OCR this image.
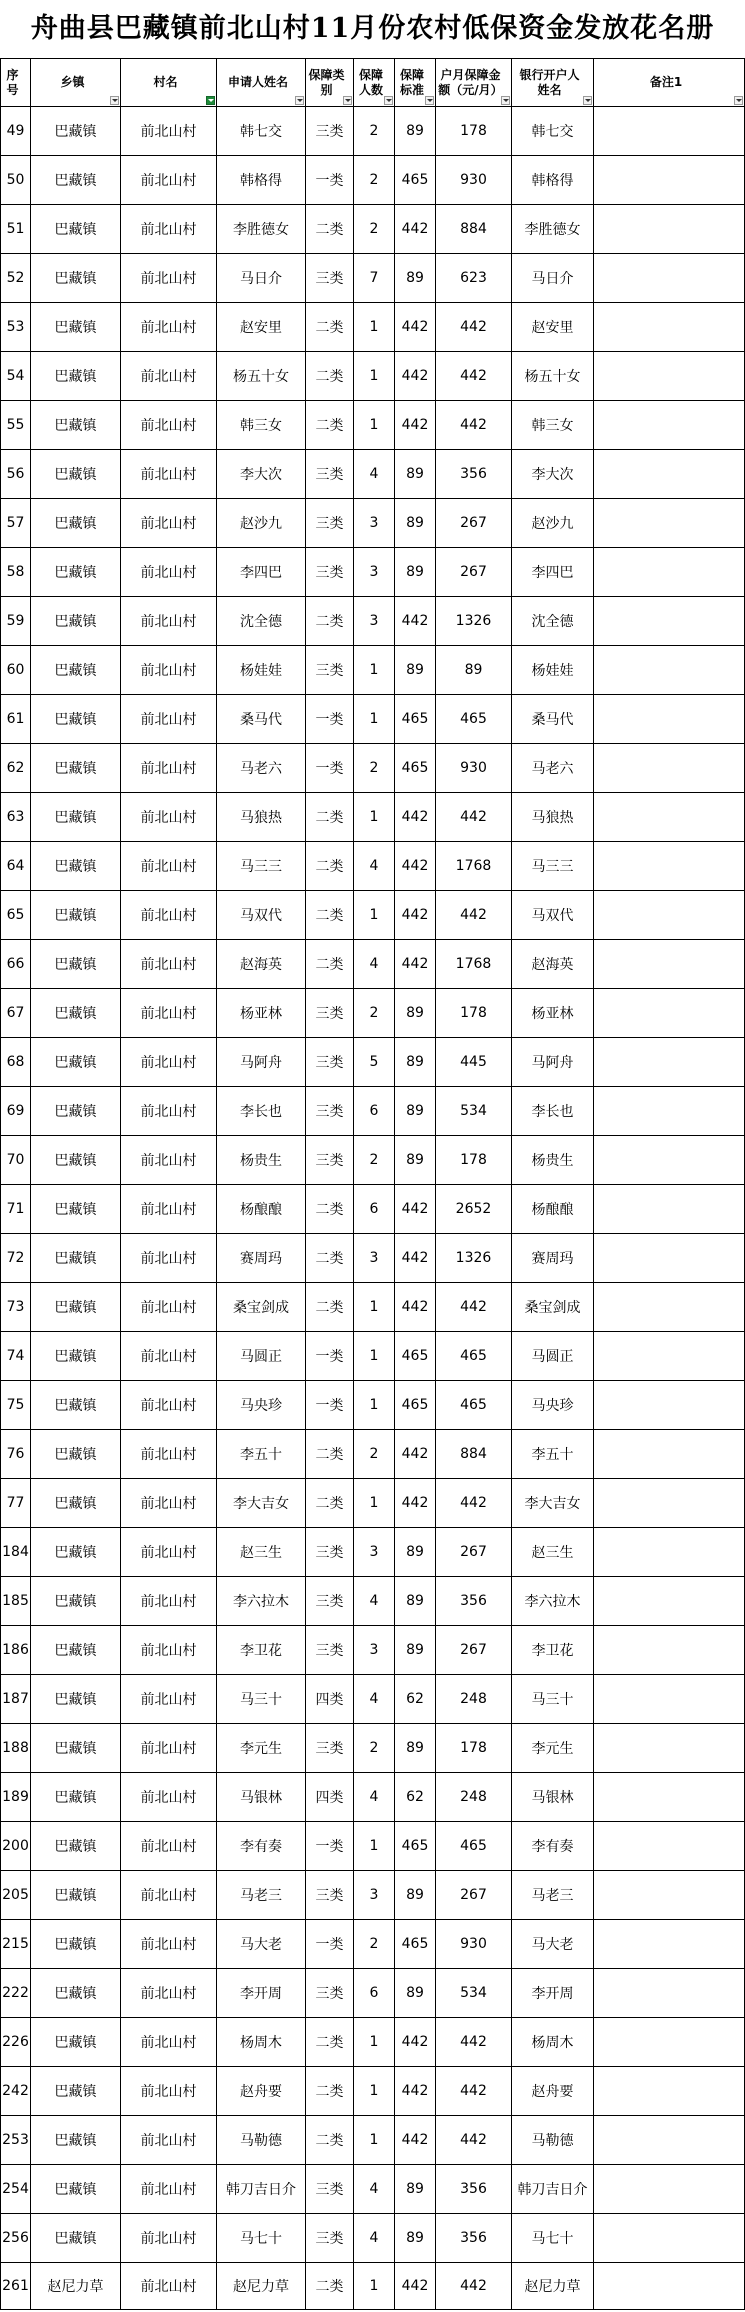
舟曲县巴藏镇前北山村11月份农村低保资金发放花名册
序号	乡镇	村名	申请人姓名	保障类别	保障人数	保障标准	户月保障金额（元/月）	银行开户人姓名	备注1

49	巴藏镇	前北山村	韩七交	三类	2	89	178	韩七交	
50	巴藏镇	前北山村	韩格得	一类	2	465	930	韩格得	
51	巴藏镇	前北山村	李胜德女	二类	2	442	884	李胜德女	
52	巴藏镇	前北山村	马日介	三类	7	89	623	马日介	
53	巴藏镇	前北山村	赵安里	二类	1	442	442	赵安里	
54	巴藏镇	前北山村	杨五十女	二类	1	442	442	杨五十女	
55	巴藏镇	前北山村	韩三女	二类	1	442	442	韩三女	
56	巴藏镇	前北山村	李大次	三类	4	89	356	李大次	
57	巴藏镇	前北山村	赵沙九	三类	3	89	267	赵沙九	
58	巴藏镇	前北山村	李四巴	三类	3	89	267	李四巴	
59	巴藏镇	前北山村	沈全德	二类	3	442	1326	沈全德	
60	巴藏镇	前北山村	杨娃娃	三类	1	89	89	杨娃娃	
61	巴藏镇	前北山村	桑马代	一类	1	465	465	桑马代	
62	巴藏镇	前北山村	马老六	一类	2	465	930	马老六	
63	巴藏镇	前北山村	马狼热	二类	1	442	442	马狼热	
64	巴藏镇	前北山村	马三三	二类	4	442	1768	马三三	
65	巴藏镇	前北山村	马双代	二类	1	442	442	马双代	
66	巴藏镇	前北山村	赵海英	二类	4	442	1768	赵海英	
67	巴藏镇	前北山村	杨亚林	三类	2	89	178	杨亚林	
68	巴藏镇	前北山村	马阿舟	三类	5	89	445	马阿舟	
69	巴藏镇	前北山村	李长也	三类	6	89	534	李长也	
70	巴藏镇	前北山村	杨贵生	三类	2	89	178	杨贵生	
71	巴藏镇	前北山村	杨酿酿	二类	6	442	2652	杨酿酿	
72	巴藏镇	前北山村	赛周玛	二类	3	442	1326	赛周玛	
73	巴藏镇	前北山村	桑宝剑成	二类	1	442	442	桑宝剑成	
74	巴藏镇	前北山村	马圆正	一类	1	465	465	马圆正	
75	巴藏镇	前北山村	马央珍	一类	1	465	465	马央珍	
76	巴藏镇	前北山村	李五十	二类	2	442	884	李五十	
77	巴藏镇	前北山村	李大吉女	二类	1	442	442	李大吉女	
184	巴藏镇	前北山村	赵三生	三类	3	89	267	赵三生	
185	巴藏镇	前北山村	李六拉木	三类	4	89	356	李六拉木	
186	巴藏镇	前北山村	李卫花	三类	3	89	267	李卫花	
187	巴藏镇	前北山村	马三十	四类	4	62	248	马三十	
188	巴藏镇	前北山村	李元生	三类	2	89	178	李元生	
189	巴藏镇	前北山村	马银林	四类	4	62	248	马银林	
200	巴藏镇	前北山村	李有奏	一类	1	465	465	李有奏	
205	巴藏镇	前北山村	马老三	三类	3	89	267	马老三	
215	巴藏镇	前北山村	马大老	一类	2	465	930	马大老	
222	巴藏镇	前北山村	李开周	三类	6	89	534	李开周	
226	巴藏镇	前北山村	杨周木	二类	1	442	442	杨周木	
242	巴藏镇	前北山村	赵舟要	二类	1	442	442	赵舟要	
253	巴藏镇	前北山村	马勒德	二类	1	442	442	马勒德	
254	巴藏镇	前北山村	韩刀吉日介	三类	4	89	356	韩刀吉日介	
256	巴藏镇	前北山村	马七十	三类	4	89	356	马七十	
261	赵尼力草	前北山村	赵尼力草	二类	1	442	442	赵尼力草	
